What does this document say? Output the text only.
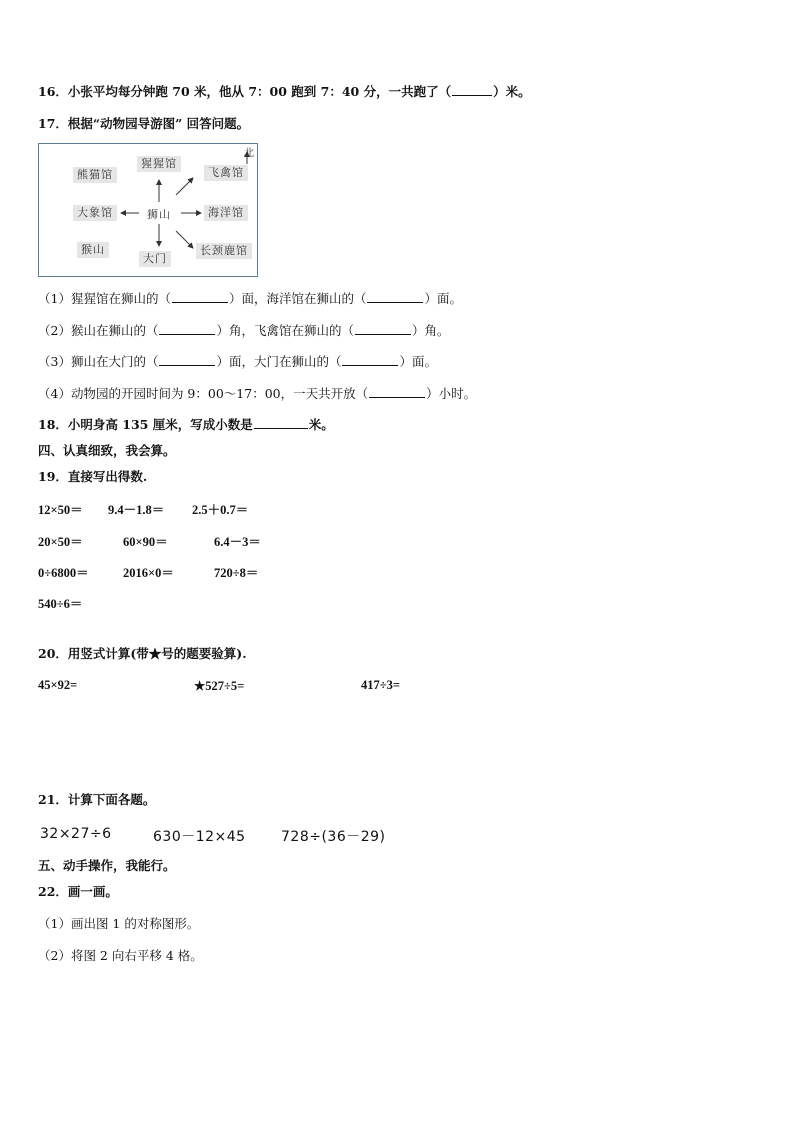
16．小张平均每分钟跑 70 米，他从 7：00 跑到 7：40 分，一共跑了（	）米。
17．根据“动物园导游图” 回答问题。
北
熊猫馆
猩猩馆
飞禽馆
大象馆	狮山	海洋馆
猴山
大门
长颈鹿馆
（1）猩猩馆在狮山的（	）面，海洋馆在狮山的（	）面。
（2）猴山在狮山的（	）角，飞禽馆在狮山的（	）角。
（3）狮山在大门的（	）面，大门在狮山的（	）面。
（4）动物园的开园时间为 9：00～17：00，一天共开放（	）小时。
18．小明身高 135 厘米，写成小数是	米。
四、认真细致，我会算。
19．直接写出得数.
12×50＝ 9.4－1.8＝ 2.5＋0.7＝
20×50＝	60×90＝	6.4－3＝
0÷6800＝	2016×0＝	720÷8＝
540÷6＝
20．用竖式计算(带★号的题要验算).
45×92=	★527÷5=	417÷3=
21．计算下面各题。
32×27÷6	630－12×45	728÷(36－29)
五、动手操作，我能行。
22．画一画。
（1）画出图 1 的对称图形。
（2）将图 2 向右平移 4 格。
